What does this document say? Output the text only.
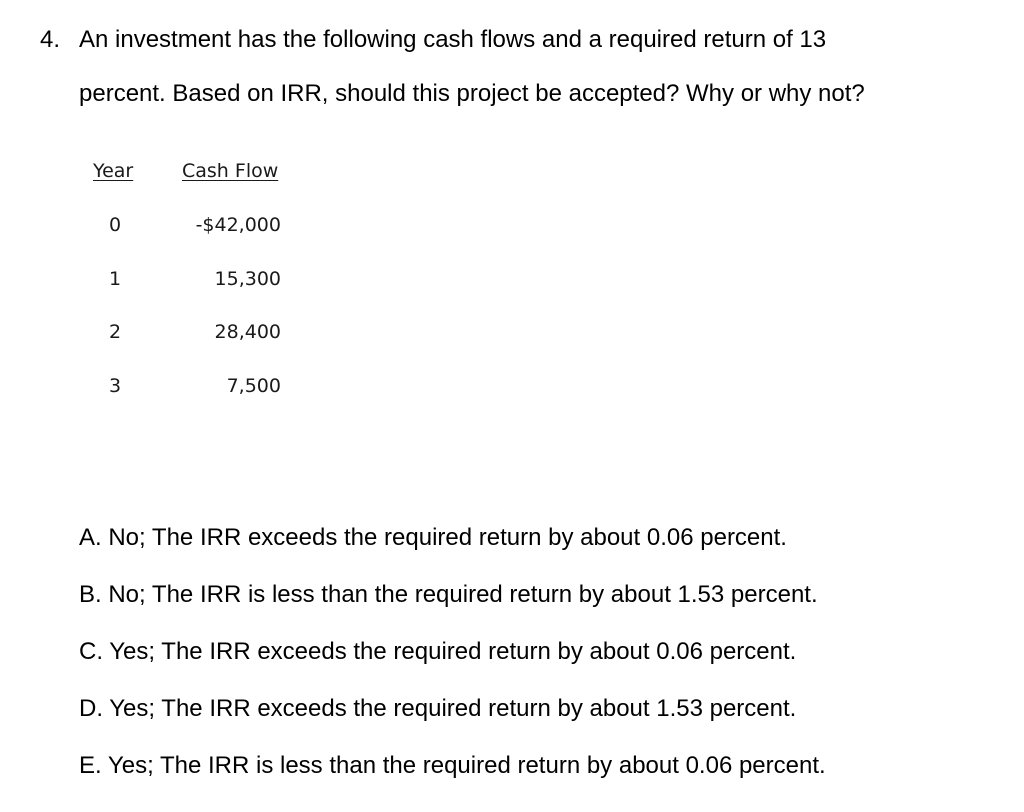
4. An investment has the following cash flows and a required return of 13
percent. Based on IRR, should this project be accepted? Why or why not?
Year	Cash Flow
0	-$42,000
1	15,300
2	28,400
3	7,500
A. No; The IRR exceeds the required return by about 0.06 percent.
B. No; The IRR is less than the required return by about 1.53 percent.
C. Yes; The IRR exceeds the required return by about 0.06 percent.
D. Yes; The IRR exceeds the required return by about 1.53 percent.
E. Yes; The IRR is less than the required return by about 0.06 percent.
